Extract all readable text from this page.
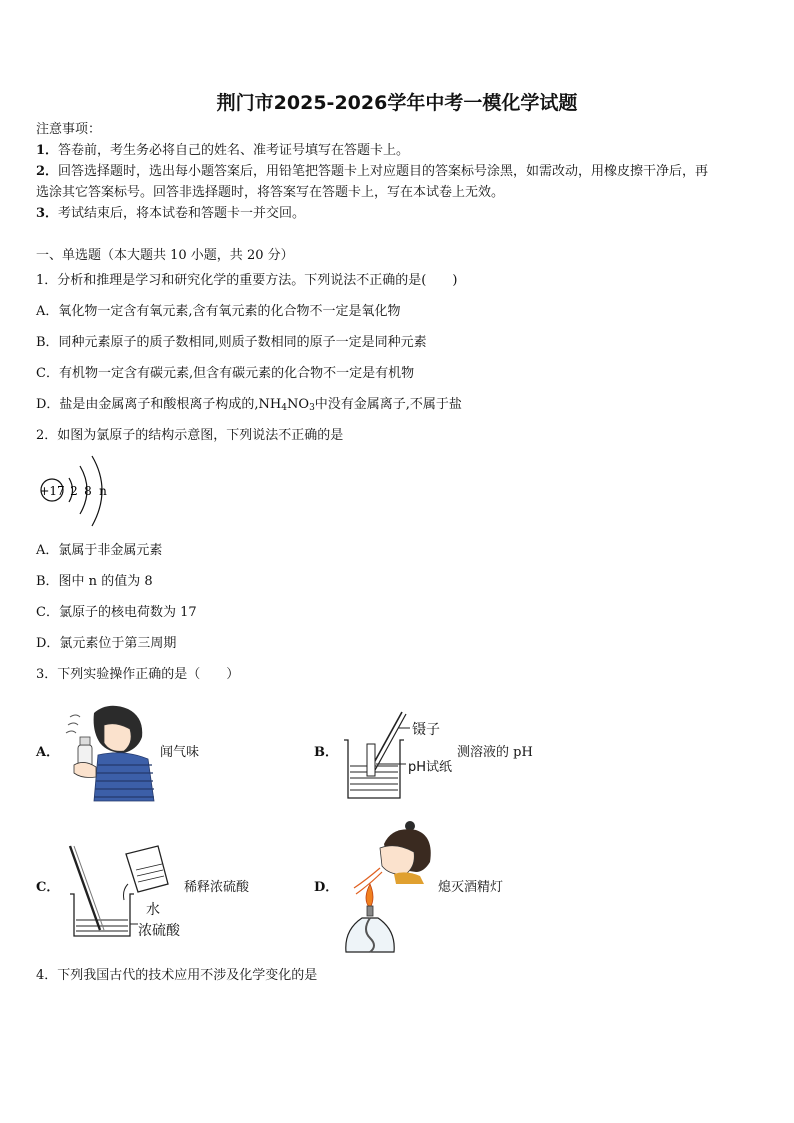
荆门市2025-2026学年中考一模化学试题
注意事项：
1．答卷前，考生务必将自己的姓名、准考证号填写在答题卡上。
2．回答选择题时，选出每小题答案后，用铅笔把答题卡上对应题目的答案标号涂黑，如需改动，用橡皮擦干净后，再
选涂其它答案标号。回答非选择题时，将答案写在答题卡上，写在本试卷上无效。
3．考试结束后，将本试卷和答题卡一并交回。
一、单选题（本大题共 10 小题，共 20 分）
1．分析和推理是学习和研究化学的重要方法。下列说法不正确的是(　　)
A．氧化物一定含有氧元素,含有氧元素的化合物不一定是氧化物
B．同种元素原子的质子数相同,则质子数相同的原子一定是同种元素
C．有机物一定含有碳元素,但含有碳元素的化合物不一定是有机物
D．盐是由金属离子和酸根离子构成的$,NH_4NO_3$中没有金属离子,不属于盐
2．如图为氯原子的结构示意图，下列说法不正确的是
+17 2 8 n
A．氯属于非金属元素
B．图中 n 的值为 8
C．氯原子的核电荷数为 17
D．氯元素位于第三周期
3．下列实验操作正确的是（　　）
A．	闻气味	B．
镊子
pH试纸
测溶液的 pH
C．
水
浓硫酸
稀释浓硫酸	D．	熄灭酒精灯
4．下列我国古代的技术应用不涉及化学变化的是
